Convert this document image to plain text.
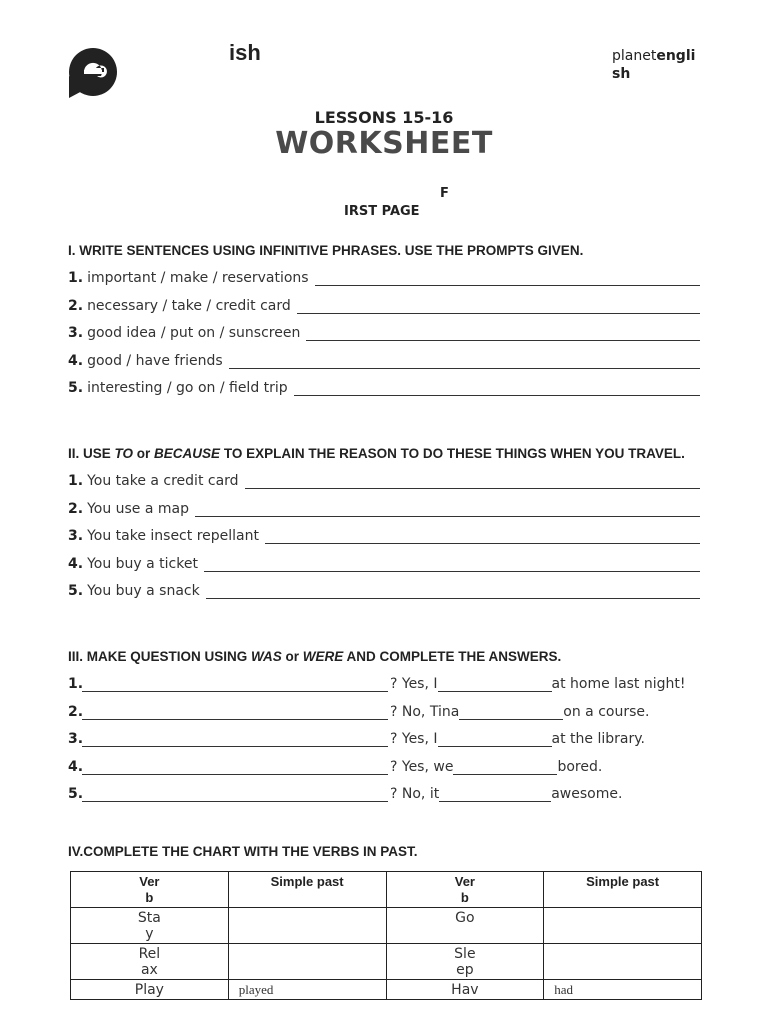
ish	planetengli
sh
LESSONS 15-16
WORKSHEET
F
IRST PAGE
I. WRITE SENTENCES USING INFINITIVE PHRASES. USE THE PROMPTS GIVEN.
1. important / make / reservations
2. necessary / take / credit card
3. good idea / put on / sunscreen
4. good / have friends
5. interesting / go on / field trip
II. USE TO or BECAUSE TO EXPLAIN THE REASON TO DO THESE THINGS WHEN YOU TRAVEL.
1. You take a credit card
2. You use a map
3. You take insect repellant
4. You buy a ticket
5. You buy a snack
III. MAKE QUESTION USING WAS or WERE AND COMPLETE THE ANSWERS.
1.	? Yes, I	at home last night!
2.	? No, Tina	on a course.
3.	? Yes, I	at the library.
4.	? Yes, we	bored.
5.	? No, it	awesome.
IV.COMPLETE THE CHART WITH THE VERBS IN PAST.
Verb	Simple past	Verb	Simple past
Stay		Go	
Relax		Sleep	
Play	played	Hav	had
